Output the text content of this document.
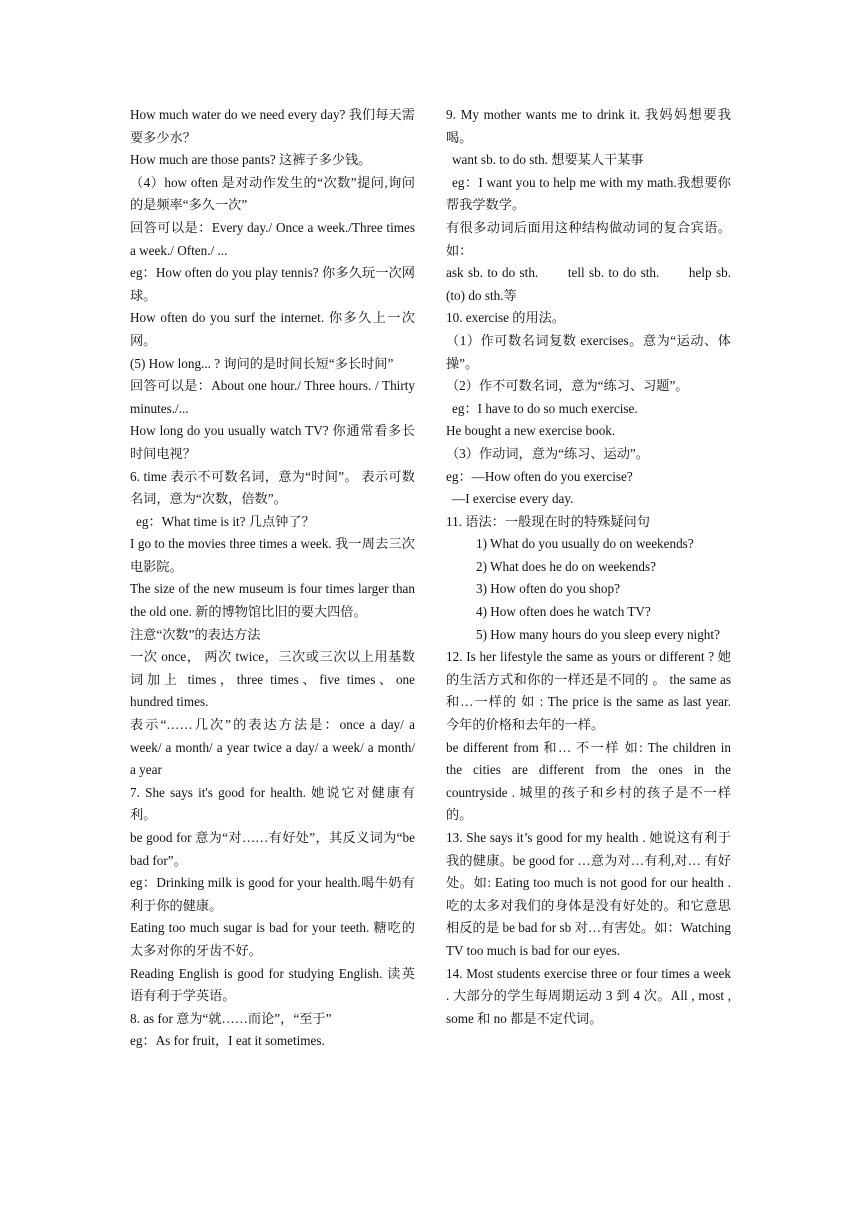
How much water do we need every day? 我们每天需要多少水？

How much are those pants? 这裤子多少钱。

（4）how often 是对动作发生的“次数”提问,询问的是频率“多久一次”

回答可以是：Every day./ Once a week./Three times a week./ Often./ ...

eg：How often do you play tennis? 你多久玩一次网球。

How often do you surf the internet. 你多久上一次网。

(5) How long... ? 询问的是时间长短“多长时间”

回答可以是：About one hour./ Three hours. / Thirty minutes./...

How long do you usually watch TV? 你通常看多长时间电视？

6. time 表示不可数名词，意为“时间”。 表示可数名词，意为“次数，倍数”。

eg：What time is it? 几点钟了？

I go to the movies three times a week. 我一周去三次电影院。

The size of the new museum is four times larger than the old one. 新的博物馆比旧的要大四倍。

注意“次数”的表达方法

一次 once， 两次 twice，三次或三次以上用基数词加上 times，three times、five times、one hundred times.

表示“……几次”的表达方法是：once a day/ a week/ a month/ a year twice a day/ a week/ a month/ a year

7. She says it's good for health. 她说它对健康有利。

be good for 意为“对……有好处”，其反义词为“be bad for”。

eg：Drinking milk is good for your health.喝牛奶有利于你的健康。

Eating too much sugar is bad for your teeth. 糖吃的太多对你的牙齿不好。

Reading English is good for studying English. 读英语有利于学英语。

8. as for 意为“就……而论”，“至于”

eg：As for fruit，I eat it sometimes.

9. My mother wants me to drink it. 我妈妈想要我喝。

want sb. to do sth. 想要某人干某事

eg：I want you to help me with my math.我想要你帮我学数学。

有很多动词后面用这种结构做动词的复合宾语。如：

ask sb. to do sth.　　tell sb. to do sth.　　help sb. (to) do sth.等

10. exercise 的用法。

（1）作可数名词复数 exercises。意为“运动、体操”。

（2）作不可数名词，意为“练习、习题”。

eg：I have to do so much exercise.

He bought a new exercise book.

（3）作动词，意为“练习、运动”。

eg：—How often do you exercise?

—I exercise every day.

11. 语法：一般现在时的特殊疑问句

1) What do you usually do on weekends?

2) What does he do on weekends?

3) How often do you shop?

4) How often does he watch TV?

5) How many hours do you sleep every night?

12. Is her lifestyle the same as yours or different ? 她的生活方式和你的一样还是不同的 。 the same as 和…一样的 如 : The price is the same as last year. 今年的价格和去年的一样。

be different from 和… 不一样 如: The children in the cities are different from the ones in the countryside . 城里的孩子和乡村的孩子是不一样的。

13. She says it’s good for my health . 她说这有利于我的健康。be good for …意为对…有利,对… 有好处。如: Eating too much is not good for our health . 吃的太多对我们的身体是没有好处的。和它意思相反的是 be bad for sb 对…有害处。如：Watching TV too much is bad for our eyes.

14. Most students exercise three or four times a week . 大部分的学生每周期运动 3 到 4 次。All , most , some 和 no 都是不定代词。
